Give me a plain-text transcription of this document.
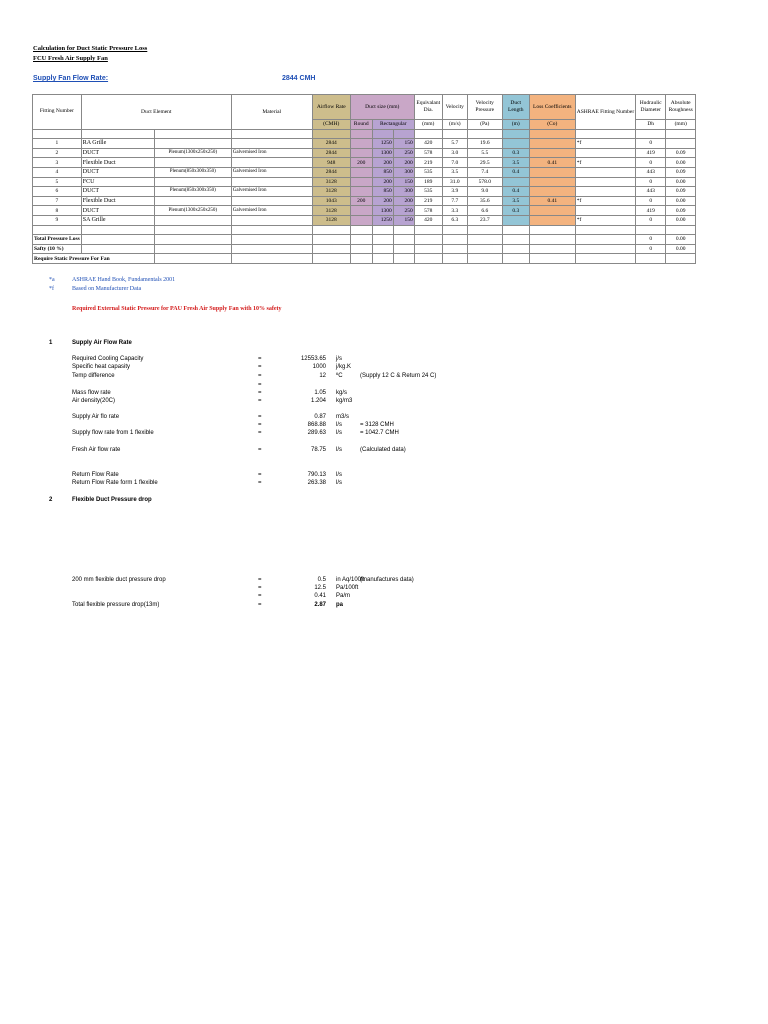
Calculation for Duct Static Pressure Loss
FCU Fresh Air Supply Fan
Supply Fan Flow Rate:	2844 CMH
Fitting Number	Duct Element		Material	Airflow Rate	Duct size (mm)			Equivalant Dia.	Velocity	Velocity Pressure	Duct Length	Loss Coefficients	ASHRAE Fitting Number	Hudraulic Diameter	Absolute Roughness
				(CMH)	Round	Rectangular		(mm)	(m/s)	(Pa)	(m)	(Co)		Dh	(mm)

1	RA Grille			2844		1250	150	420	5.7	19.6			*f	0	
2	DUCT	Plenum(1300x250x250)	Galvernised Iron	2844		1300	250	578	3.0	5.5	0.3			419	0.09
3	Flexible Duct			948	200	200	200	219	7.0	29.5	3.5	0.41	*f	0	0.00
4	DUCT	Plenum(850x300x350)	Galvernised Iron	2844		850	300	535	3.5	7.4	0.4			443	0.09
5	FCU			3128		200	150	189	31.0	578.0				0	0.00
6	DUCT	Plenum(850x300x350)	Galvernised Iron	3128		850	300	535	3.9	9.0	0.4			443	0.09
7	Flexible Duct			1043	200	200	200	219	7.7	35.6	3.5	0.41	*f	0	0.00
8	DUCT	Plenum(1300x250x250)	Galvernised Iron	3128		1300	250	578	3.3	6.6	0.3			419	0.09
9	SA Grille			3128		1250	150	420	6.3	23.7			*f	0	0.00

Total Pressure Loss														0	0.00
Safty (10 %)														0	0.00
Require Static Pressure For Fan															
*a	ASHRAE Hand Book, Fundamentals 2001
*f	Based on Manufacturer Data
Required External Static Pressure for PAU Fresh Air Supply Fan with 10% safety
1	Supply Air Flow Rate
Required Cooling Capacity	=	12553.65 j/s
Specific heat capasity	=	1000 j/kg.K
Temp difference	=	12 ºC	(Supply 12 C & Return 24 C)
=
Mass flow rate	=	1.05 kg/s
Air density(20C)	=	1.204 kg/m3
Supply Air flo rate	=	0.87 m3/s
=	868.88 l/s	= 3128 CMH
Supply flow rate from 1 flexible	=	289.63 l/s	= 1042.7 CMH
Fresh Air flow rate	=	78.75 l/s	(Calculated data)
Return Flow Rate	=	790.13 l/s
Return Flow Rate form 1 flexible	=	263.38 l/s
2	Flexible Duct Pressure drop
200 mm flexible duct pressure drop	=	0.5 in Aq/100ft
(manufactures data)
=	12.5 Pa/100ft
=	0.41 Pa/m
Total flexible pressure drop(13m)	=	2.87 pa
